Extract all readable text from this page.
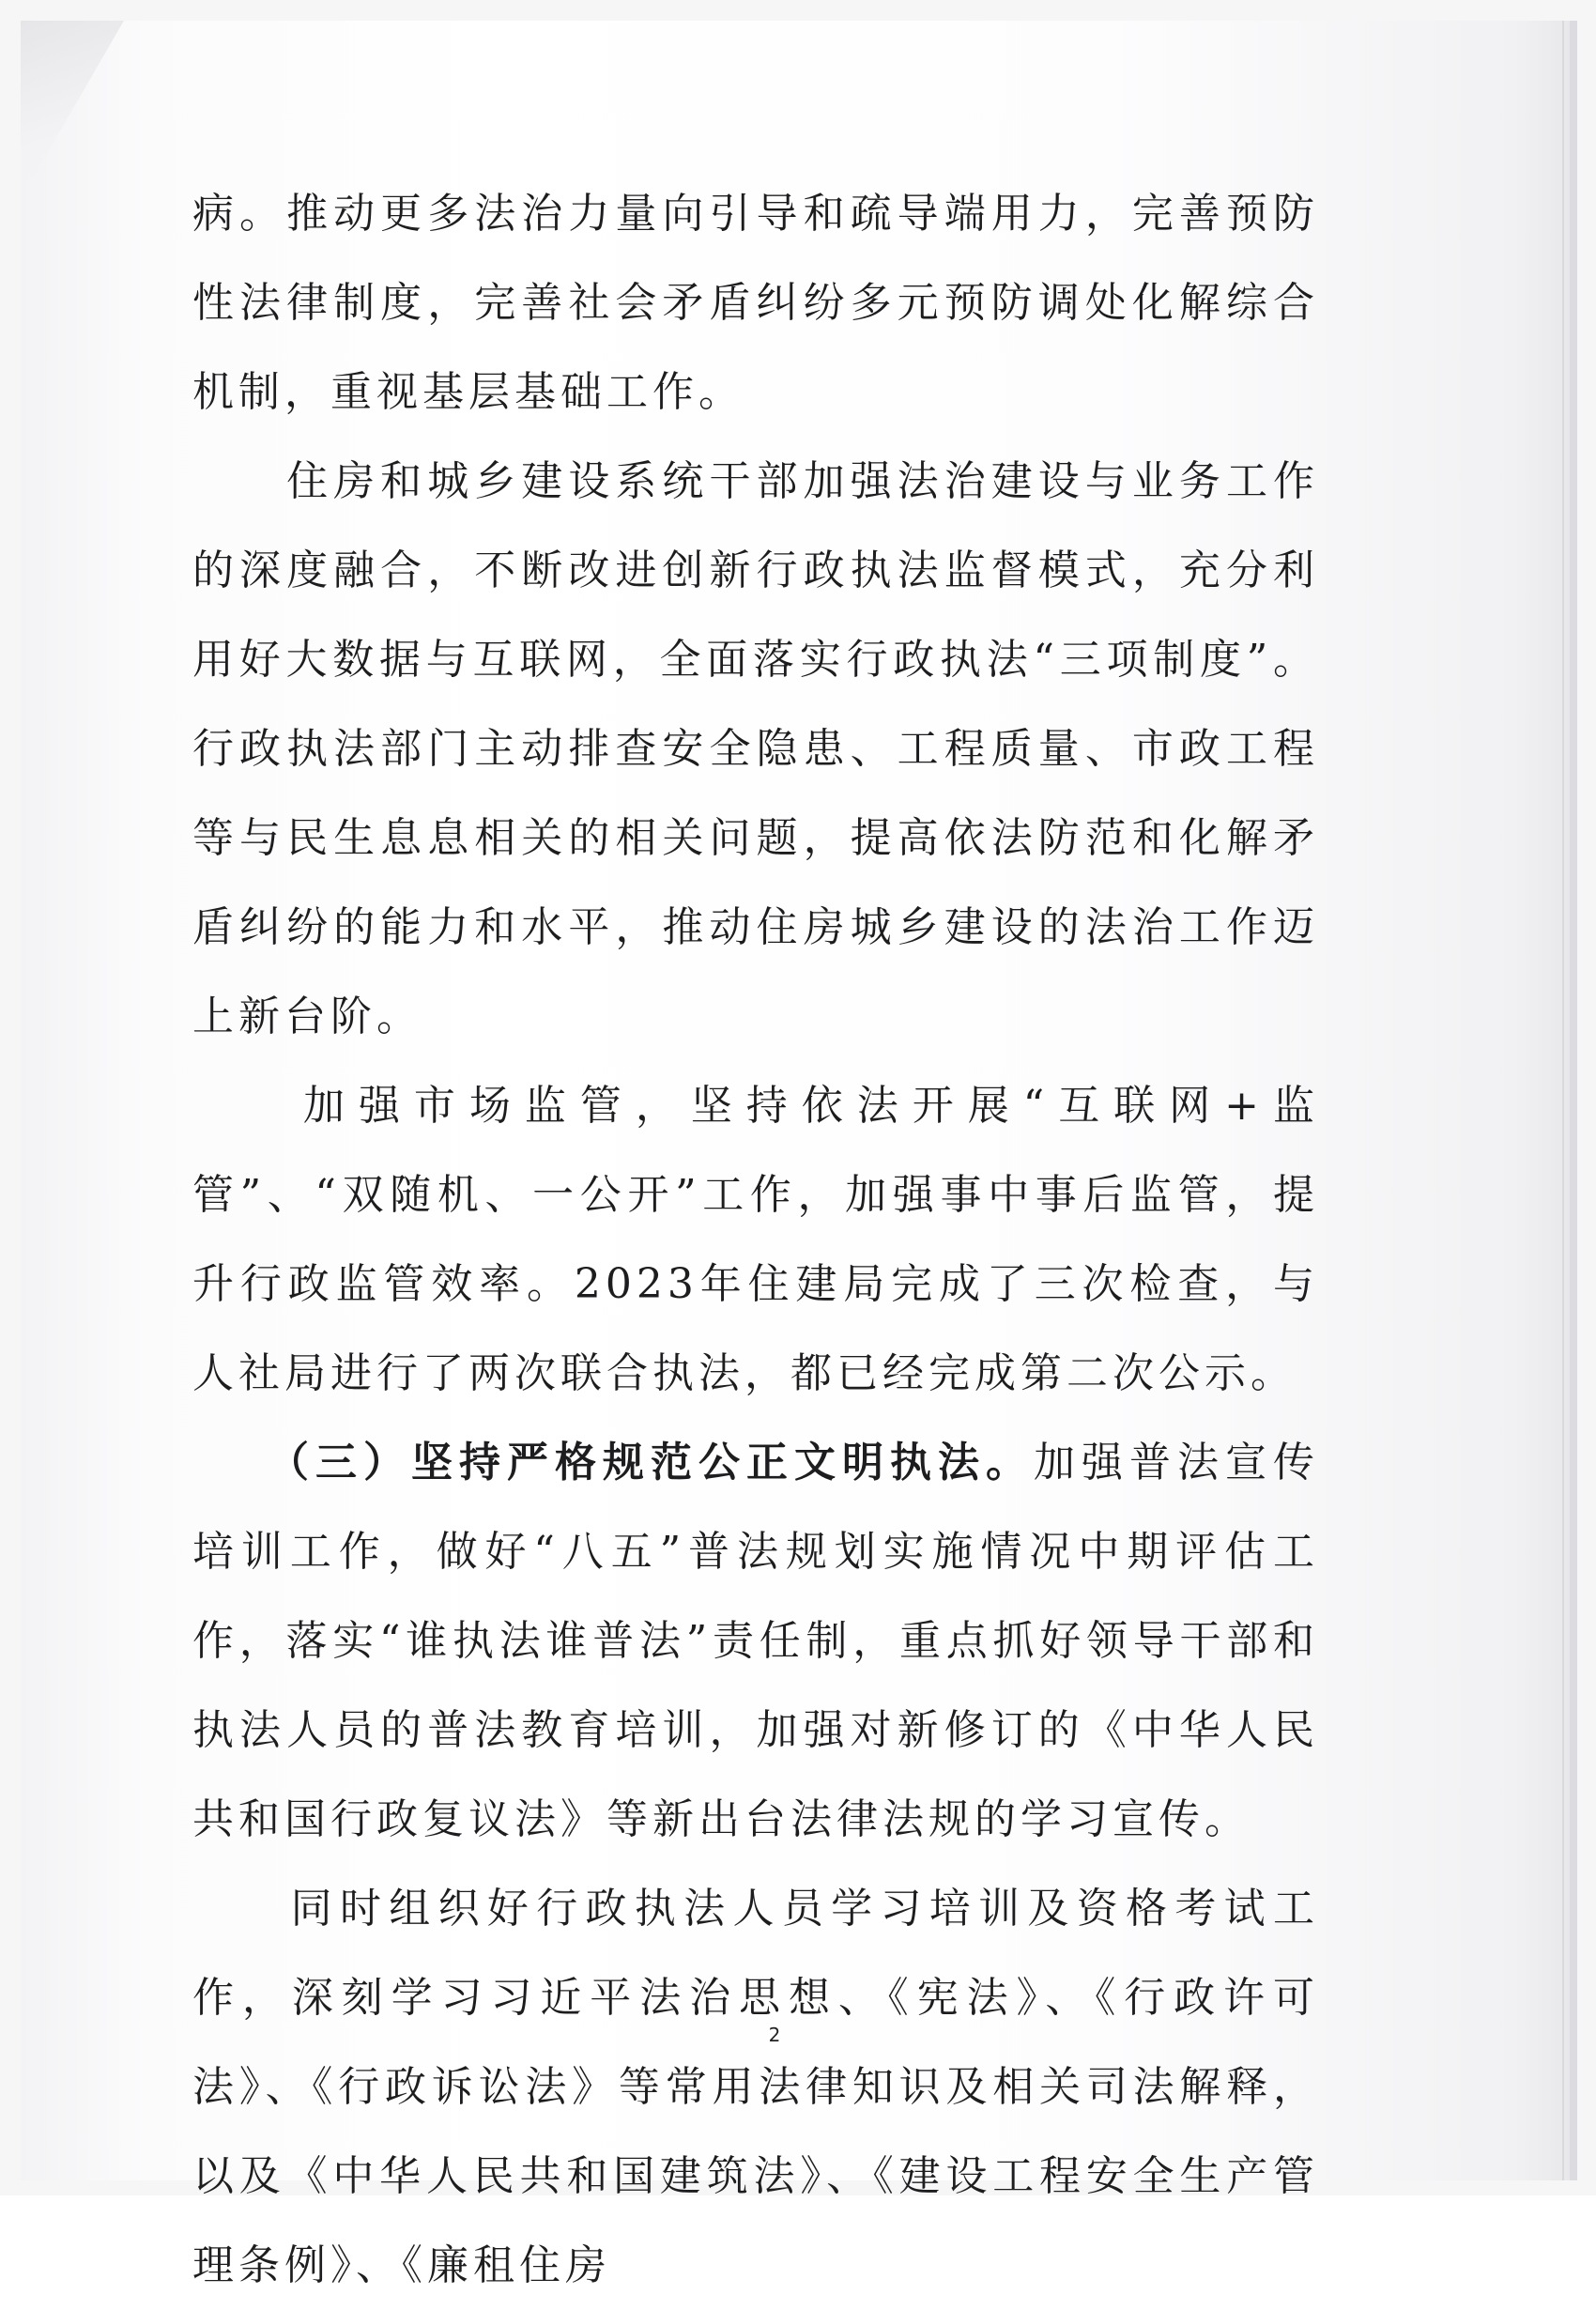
病。推动更多法治力量向引导和疏导端用力，完善预防性法律制度，完善社会矛盾纠纷多元预防调处化解综合机制，重视基层基础工作。

　　住房和城乡建设系统干部加强法治建设与业务工作的深度融合，不断改进创新行政执法监督模式，充分利用好大数据与互联网，全面落实行政执法“三项制度”。行政执法部门主动排查安全隐患、工程质量、市政工程等与民生息息相关的相关问题，提高依法防范和化解矛盾纠纷的能力和水平，推动住房城乡建设的法治工作迈上新台阶。

　　加强市场监管，坚持依法开展“互联网+监管”、“双随机、一公开”工作，加强事中事后监管，提升行政监管效率。2023年住建局完成了三次检查，与人社局进行了两次联合执法，都已经完成第二次公示。

　　（三）坚持严格规范公正文明执法。加强普法宣传培训工作，做好“八五”普法规划实施情况中期评估工作，落实“谁执法谁普法”责任制，重点抓好领导干部和执法人员的普法教育培训，加强对新修订的《中华人民共和国行政复议法》等新出台法律法规的学习宣传。

　　同时组织好行政执法人员学习培训及资格考试工作，深刻学习习近平法治思想、《宪法》、《行政许可法》、《行政诉讼法》等常用法律知识及相关司法解释，以及《中华人民共和国建筑法》、《建设工程安全生产管理条例》、《廉租住房

2
